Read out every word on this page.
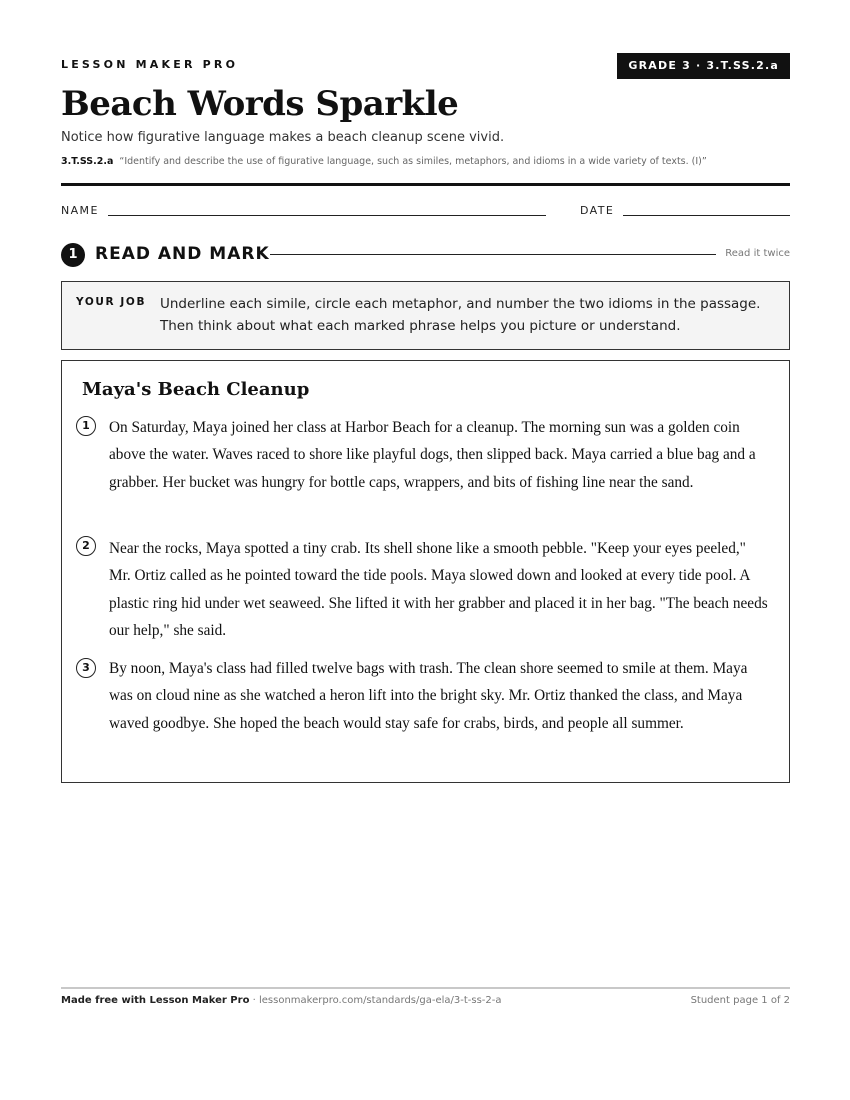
LESSON MAKER PRO	GRADE 3 · 3.T.SS.2.a
Beach Words Sparkle
Notice how figurative language makes a beach cleanup scene vivid.
3.T.SS.2.a “Identify and describe the use of figurative language, such as similes, metaphors, and idioms in a wide variety of texts. (I)”
NAME	DATE
1	READ AND MARK	Read it twice
YOUR JOB Underline each simile, circle each metaphor, and number the two idioms in the passage. Then think about what each marked phrase helps you picture or understand.
Maya's Beach Cleanup
1	On Saturday, Maya joined her class at Harbor Beach for a cleanup. The morning sun was a golden coin above the water. Waves raced to shore like playful dogs, then slipped back. Maya carried a blue bag and a grabber. Her bucket was hungry for bottle caps, wrappers, and bits of fishing line near the sand.

2	Near the rocks, Maya spotted a tiny crab. Its shell shone like a smooth pebble. "Keep your eyes peeled," Mr. Ortiz called as he pointed toward the tide pools. Maya slowed down and looked at every tide pool. A plastic ring hid under wet seaweed. She lifted it with her grabber and placed it in her bag. "The beach needs our help," she said.

3	By noon, Maya's class had filled twelve bags with trash. The clean shore seemed to smile at them. Maya was on cloud nine as she watched a heron lift into the bright sky. Mr. Ortiz thanked the class, and Maya waved goodbye. She hoped the beach would stay safe for crabs, birds, and people all summer.

Made free with Lesson Maker Pro · lessonmakerpro.com/standards/ga-ela/3-t-ss-2-a	Student page 1 of 2
